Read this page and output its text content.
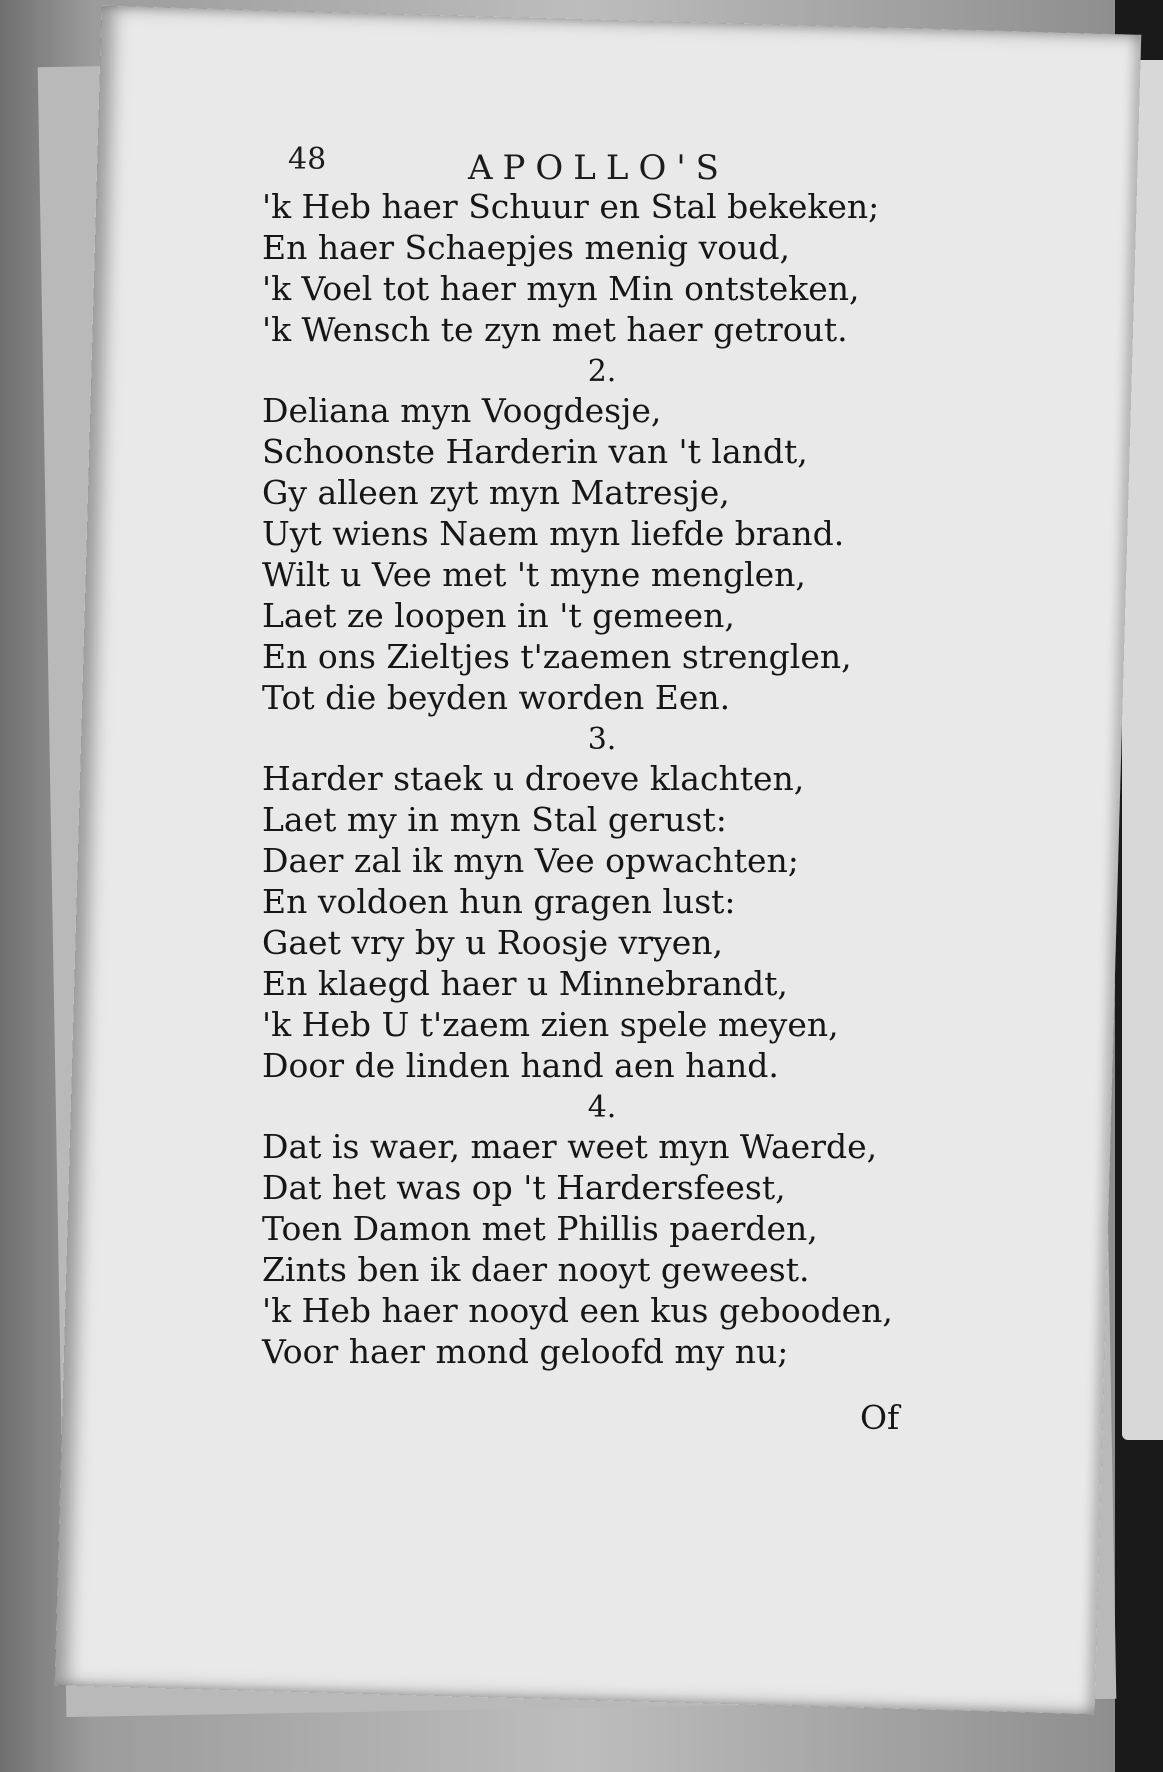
48	APOLLO'S
'k Heb haer Schuur en Stal bekeken;
En haer Schaepjes menig voud,
'k Voel tot haer myn Min ontsteken,
'k Wensch te zyn met haer getrout.
2.
Deliana myn Voogdesje,
Schoonste Harderin van 't landt,
Gy alleen zyt myn Matresje,
Uyt wiens Naem myn liefde brand.
Wilt u Vee met 't myne menglen,
Laet ze loopen in 't gemeen,
En ons Zieltjes t'zaemen strenglen,
Tot die beyden worden Een.
3.
Harder staek u droeve klachten,
Laet my in myn Stal gerust:
Daer zal ik myn Vee opwachten;
En voldoen hun gragen lust:
Gaet vry by u Roosje vryen,
En klaegd haer u Minnebrandt,
'k Heb U t'zaem zien spele meyen,
Door de linden hand aen hand.
4.
Dat is waer, maer weet myn Waerde,
Dat het was op 't Hardersfeest,
Toen Damon met Phillis paerden,
Zints ben ik daer nooyt geweest.
'k Heb haer nooyd een kus gebooden,
Voor haer mond geloofd my nu;
Of
